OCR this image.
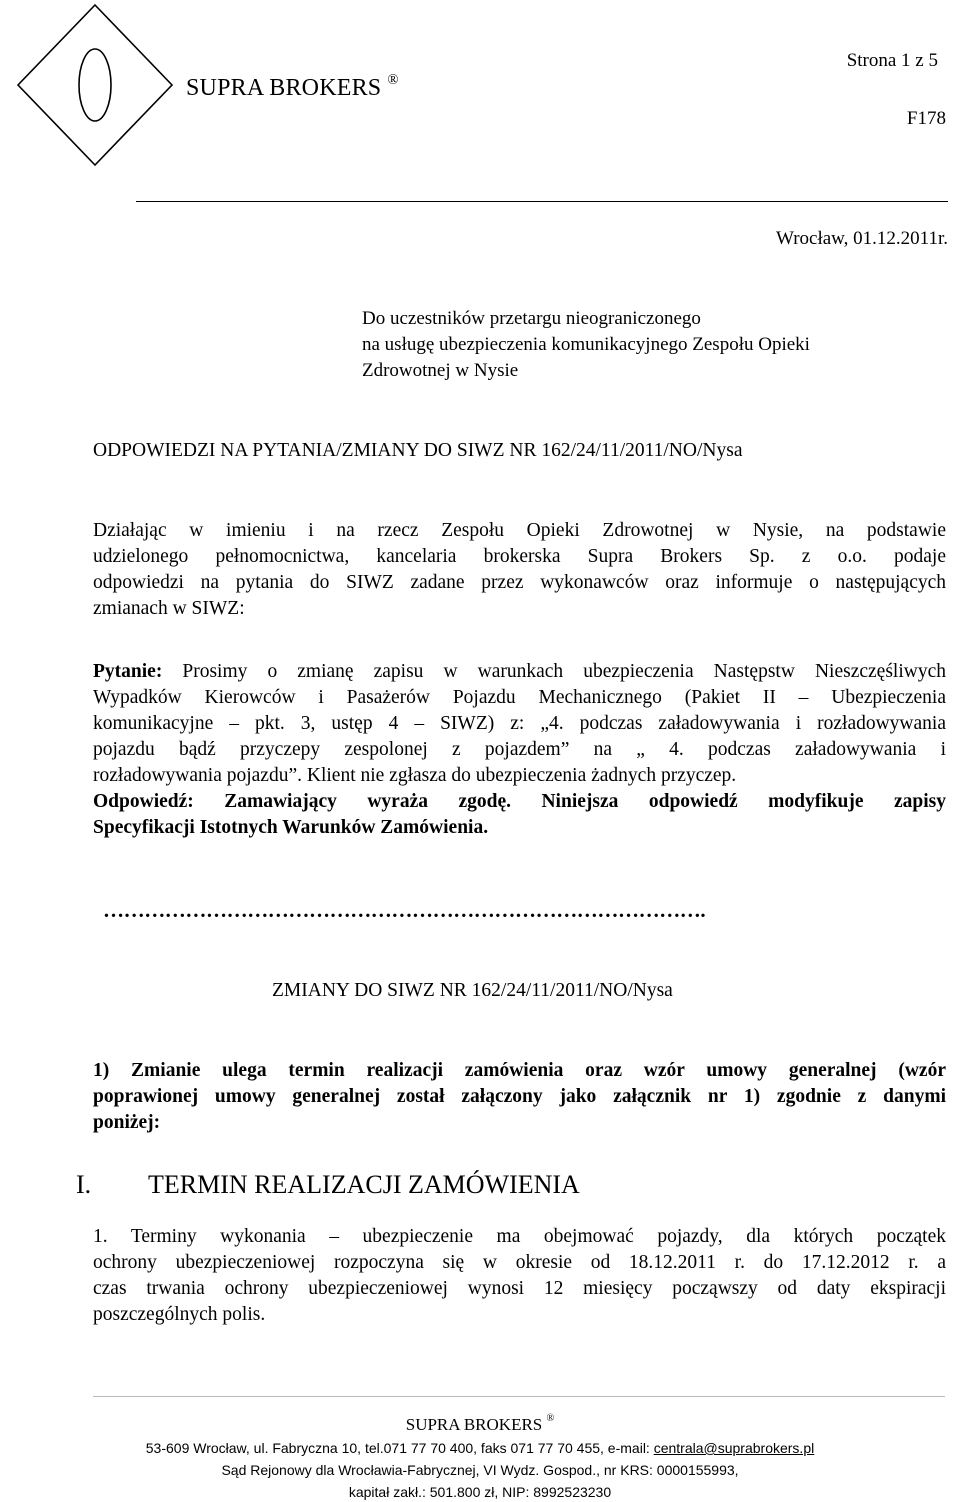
SUPRA BROKERS ®
Strona 1 z 5
F178
Wrocław, 01.12.2011r.
Do uczestników przetargu nieograniczonego
na usługę ubezpieczenia komunikacyjnego Zespołu Opieki
Zdrowotnej w Nysie
ODPOWIEDZI NA PYTANIA/ZMIANY DO SIWZ NR 162/24/11/2011/NO/Nysa
Działając w imieniu i na rzecz Zespołu Opieki Zdrowotnej w Nysie, na podstawie
udzielonego pełnomocnictwa, kancelaria brokerska Supra Brokers Sp. z o.o. podaje
odpowiedzi na pytania do SIWZ zadane przez wykonawców oraz informuje o następujących
zmianach w SIWZ:
Pytanie: Prosimy o zmianę zapisu w warunkach ubezpieczenia Następstw Nieszczęśliwych
Wypadków Kierowców i Pasażerów Pojazdu Mechanicznego (Pakiet II – Ubezpieczenia
komunikacyjne – pkt. 3, ustęp 4 – SIWZ) z: „4. podczas załadowywania i rozładowywania
pojazdu bądź przyczepy zespolonej z pojazdem” na „ 4. podczas załadowywania i
rozładowywania pojazdu”. Klient nie zgłasza do ubezpieczenia żadnych przyczep.
Odpowiedź: Zamawiający wyraża zgodę. Niniejsza odpowiedź modyfikuje zapisy
Specyfikacji Istotnych Warunków Zamówienia.
…………………………………………………………………………….
ZMIANY DO SIWZ NR 162/24/11/2011/NO/Nysa
1) Zmianie ulega termin realizacji zamówienia oraz wzór umowy generalnej (wzór
poprawionej umowy generalnej został załączony jako załącznik nr 1) zgodnie z danymi
poniżej:
I. TERMIN REALIZACJI ZAMÓWIENIA
1. Terminy wykonania – ubezpieczenie ma obejmować pojazdy, dla których początek
ochrony ubezpieczeniowej rozpoczyna się w okresie od 18.12.2011 r. do 17.12.2012 r. a
czas trwania ochrony ubezpieczeniowej wynosi 12 miesięcy począwszy od daty ekspiracji
poszczególnych polis.
SUPRA BROKERS ®
53-609 Wrocław, ul. Fabryczna 10, tel.071 77 70 400, faks 071 77 70 455, e-mail: centrala@suprabrokers.pl
Sąd Rejonowy dla Wrocławia-Fabrycznej, VI Wydz. Gospod., nr KRS: 0000155993,
kapitał zakł.: 501.800 zł, NIP: 8992523230
